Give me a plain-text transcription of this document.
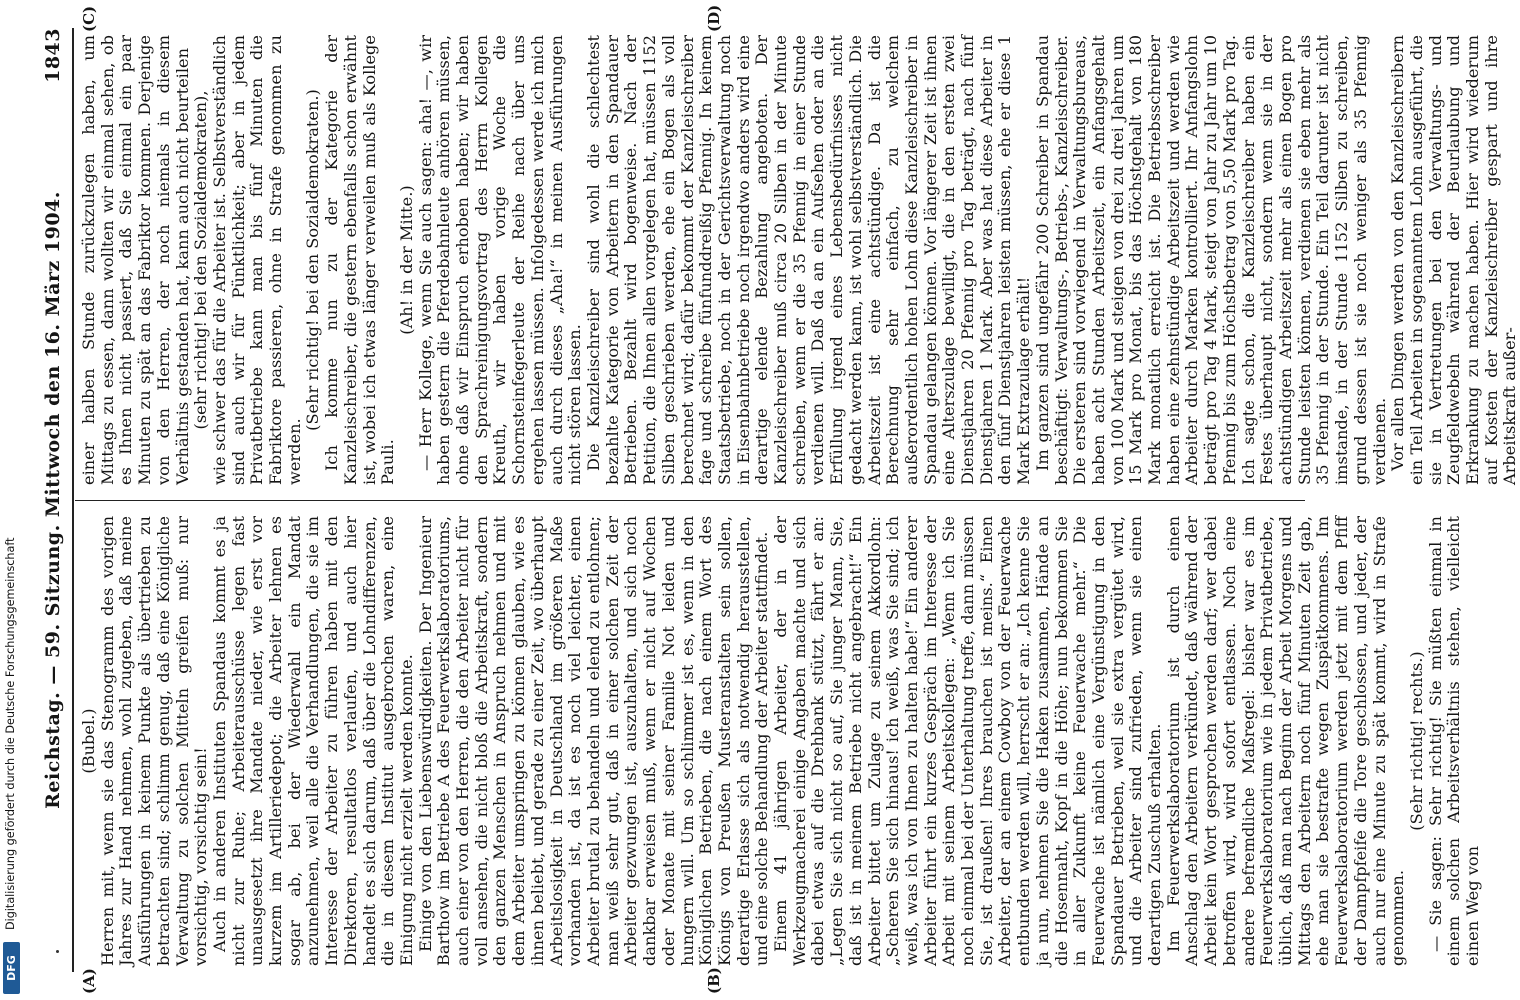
Reichstag. — 59. Sitzung. Mittwoch den 16. März 1904.
1843
(A)	(B)
(C)	(D)

(Bubel.) Herren mit, wenn sie das Stenogramm des vorigen Jahres zur Hand nehmen, wohl zugeben, daß meine Ausführungen in keinem Punkte als übertrieben zu betrachten sind; schlimm genug, daß eine Königliche Verwaltung zu solchen Mitteln greifen muß: nur vorsichtig, vorsichtig sein! Auch in anderen Instituten Spandaus kommt es ja nicht zur Ruhe; Arbeiterausschüsse legen fast unausgesetzt ihre Mandate nieder, wie erst vor kurzem im Artilleriedepot; die Arbeiter lehnen es sogar ab, bei der Wiederwahl ein Mandat anzunehmen, weil alle die Verhandlungen, die sie im Interesse der Arbeiter zu führen haben mit den Direktoren, resultatlos verlaufen, und auch hier handelt es sich darum, daß über die Lohndifferenzen, die in diesem Institut ausgebrochen waren, eine Einigung nicht erzielt werden konnte. Einige von den Liebenswürdigkeiten. Der Ingenieur Barthow im Betriebe A des Feuerwerkslaboratoriums, auch einer von den Herren, die den Arbeiter nicht für voll ansehen, die nicht bloß die Arbeitskraft, sondern den ganzen Menschen in Anspruch nehmen und mit dem Arbeiter umspringen zu können glauben, wie es ihnen beliebt, und gerade zu einer Zeit, wo überhaupt Arbeitslosigkeit in Deutschland im größeren Maße vorhanden ist, da ist es noch viel leichter, einen Arbeiter brutal zu behandeln und elend zu entlohnen; man weiß sehr gut, daß in einer solchen Zeit der Arbeiter gezwungen ist, auszuhalten, und sich noch dankbar erweisen muß, wenn er nicht auf Wochen oder Monate mit seiner Familie Not leiden und hungern will. Um so schlimmer ist es, wenn in den Königlichen Betrieben, die nach einem Wort des Königs von Preußen Musteranstalten sein sollen, derartige Erlasse sich als notwendig herausstellen, und eine solche Behandlung der Arbeiter stattfindet. Einem 41 jährigen Arbeiter, der in der Werkzeugmacherei einige Angaben machte und sich dabei etwas auf die Drehbank stützt, fährt er an: „Legen Sie sich nicht so auf, Sie junger Mann, Sie, daß ist in meinem Betriebe nicht angebracht!“ Ein Arbeiter bittet um Zulage zu seinem Akkordlohn: „Scheren Sie sich hinaus! ich weiß, was Sie sind; ich weiß, was ich von Ihnen zu halten habe!“ Ein anderer Arbeiter führt ein kurzes Gespräch im Interesse der Arbeit mit seinem Arbeitskollegen: „Wenn ich Sie noch einmal bei der Unterhaltung treffe, dann müssen Sie, ist draußen! Ihres brauchen ist meins.“ Einen Arbeiter, der an einem Cowboy von der Feuerwache entbunden werden will, herrscht er an: „Ich kenne Sie ja nun, nehmen Sie die Haken zusammen, Hände an die Hosennaht, Kopf in die Höhe; nun bekommen Sie in aller Zukunft keine Feuerwache mehr.“ Die Feuerwache ist nämlich eine Vergünstigung in den Spandauer Betrieben, weil sie extra vergütet wird, und die Arbeiter sind zufrieden, wenn sie einen derartigen Zuschuß erhalten. Im Feuerwerkslaboratorium ist durch einen Anschlag den Arbeitern verkündet, daß während der Arbeit kein Wort gesprochen werden darf; wer dabei betroffen wird, wird sofort entlassen. Noch eine andere befremdliche Maßregel: bisher war es im Feuerwerkslaboratorium wie in jedem Privatbetriebe, üblich, daß man nach Beginn der Arbeit Morgens und Mittags den Arbeitern noch fünf Minuten Zeit gab, ehe man sie bestrafte wegen Zuspätkommens. Im Feuerwerkslaboratorium werden jetzt mit dem Pfiff der Dampfpfeife die Tore geschlossen, und jeder, der auch nur eine Minute zu spät kommt, wird in Strafe genommen.

(Sehr richtig! rechts.) — Sie sagen: Sehr richtig! Sie müßten einmal in einem solchen Arbeitsverhältnis stehen, vielleicht einen Weg von

einer halben Stunde zurückzulegen haben, um Mittags zu essen, dann wollten wir einmal sehen, ob es Ihnen nicht passiert, daß Sie einmal ein paar Minuten zu spät an das Fabriktor kommen. Derjenige von den Herren, der noch niemals in diesem Verhältnis gestanden hat, kann auch nicht beurteilen (sehr richtig! bei den Sozialdemokraten), wie schwer das für die Arbeiter ist. Selbstverständlich sind auch wir für Pünktlichkeit; aber in jedem Privatbetriebe kann man bis fünf Minuten die Fabriktore passieren, ohne in Strafe genommen zu werden.

(Sehr richtig! bei den Sozialdemokraten.) Ich komme nun zu der Kategorie der Kanzleischreiber, die gestern ebenfalls schon erwähnt ist, wobei ich etwas länger verweilen muß als Kollege Pauli.

(Ah! in der Mitte.) — Herr Kollege, wenn Sie auch sagen: aha! —, wir haben gestern die Pferdebahnleute anhören müssen, ohne daß wir Einspruch erhoben haben; wir haben den Sprachreinigungsvortrag des Herrn Kollegen Kreuth, wir haben vorige Woche die Schornsteinfegerleute der Reihe nach über uns ergehen lassen müssen. Infolgedessen werde ich mich auch durch dieses „Aha!“ in meinen Ausführungen nicht stören lassen. Die Kanzleischreiber sind wohl die schlechtest bezahlte Kategorie von Arbeitern in den Spandauer Betrieben. Bezahlt wird bogenweise. Nach der Petition, die Ihnen allen vorgelegen hat, müssen 1152 Silben geschrieben werden, ehe ein Bogen als voll berechnet wird; dafür bekommt der Kanzleischreiber fage und schreibe fünfunddreißig Pfennig. In keinem Staatsbetriebe, noch in der Gerichtsverwaltung noch in Eisenbahnbetriebe noch irgendwo anders wird eine derartige elende Bezahlung angeboten. Der Kanzleischreiber muß circa 20 Silben in der Minute schreiben, wenn er die 35 Pfennig in einer Stunde verdienen will. Daß da an ein Aufsehen oder an die Erfüllung irgend eines Lebensbedürfnisses nicht gedacht werden kann, ist wohl selbstverständlich. Die Arbeitszeit ist eine achtstündige. Da ist die Berechnung sehr einfach, zu welchem außerordentlich hohen Lohn diese Kanzleischreiber in Spandau gelangen können. Vor längerer Zeit ist ihnen eine Alterszulage bewilligt, die in den ersten zwei Dienstjahren 20 Pfennig pro Tag beträgt, nach fünf Dienstjahren 1 Mark. Aber was hat diese Arbeiter in den fünf Dienstjahren leisten müssen, ehe er diese 1 Mark Extrazulage erhält! Im ganzen sind ungefähr 200 Schreiber in Spandau beschäftigt: Verwaltungs-, Betriebs-, Kanzleischreiber. Die ersteren sind vorwiegend in Verwaltungsbureaus, haben acht Stunden Arbeitszeit, ein Anfangsgehalt von 100 Mark und steigen von drei zu drei Jahren um 15 Mark pro Monat, bis das Höchstgehalt von 180 Mark monatlich erreicht ist. Die Betriebsschreiber haben eine zehnstündige Arbeitszeit und werden wie Arbeiter durch Marken kontrolliert. Ihr Anfangslohn beträgt pro Tag 4 Mark, steigt von Jahr zu Jahr um 10 Pfennig bis zum Höchstbetrag von 5,50 Mark pro Tag. Ich sagte schon, die Kanzleischreiber haben ein Festes überhaupt nicht, sondern wenn sie in der achtstündigen Arbeitszeit mehr als einen Bogen pro Stunde leisten können, verdienen sie eben mehr als 35 Pfennig in der Stunde. Ein Teil darunter ist nicht imstande, in der Stunde 1152 Silben zu schreiben, grund dessen ist sie noch weniger als 35 Pfennig verdienen. Vor allen Dingen werden von den Kanzleischreibern ein Teil Arbeiten in sogenanntem Lohn ausgeführt, die sie in Vertretungen bei den Verwaltungs- und Zeugfeldwebeln während der Beurlaubung und Erkrankung zu machen haben. Hier wird wiederum auf Kosten der Kanzleischreiber gespart und ihre Arbeitskraft außer-

DFG
Digitalisierung gefördert durch die Deutsche Forschungsgemeinschaft
